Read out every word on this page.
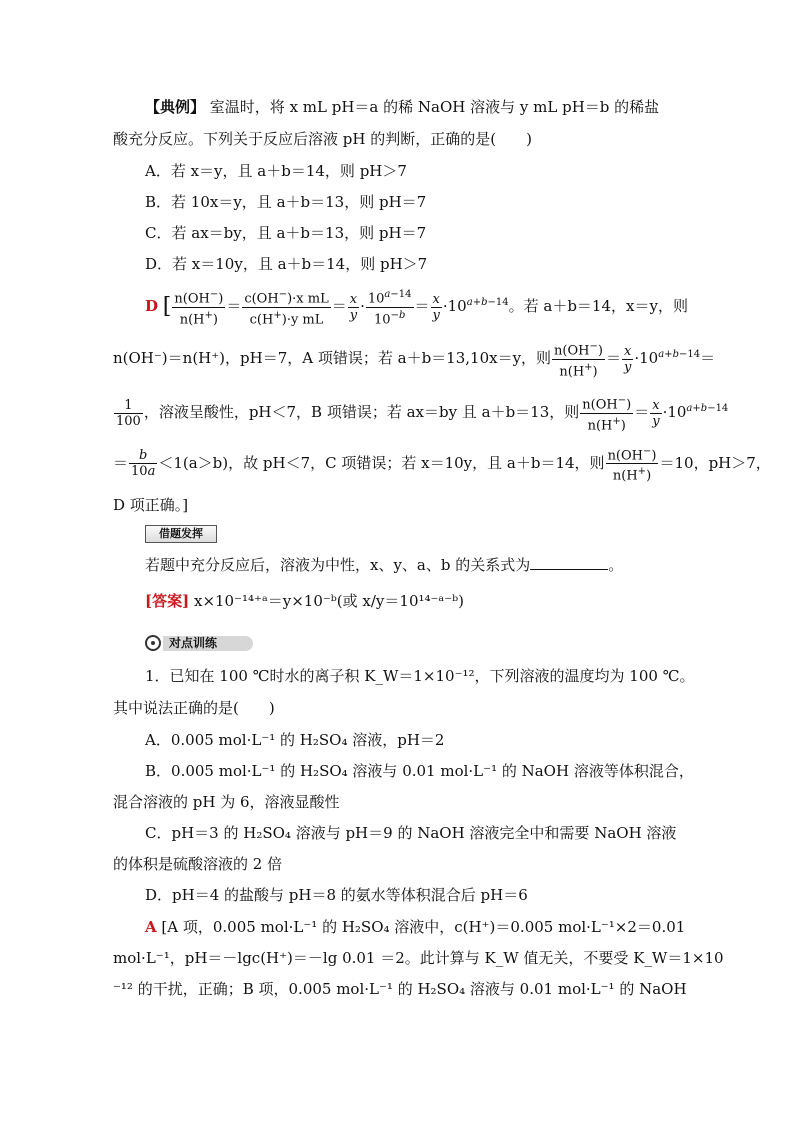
【典例】 室温时，将 x mL pH＝a 的稀 NaOH 溶液与 y mL pH＝b 的稀盐
酸充分反应。下列关于反应后溶液 pH 的判断，正确的是(　　)
A．若 x＝y，且 a＋b＝14，则 pH＞7
B．若 10x＝y，且 a＋b＝13，则 pH＝7
C．若 ax＝by，且 a＋b＝13，则 pH＝7
D．若 x＝10y，且 a＋b＝14，则 pH＞7
D [ $\frac{n(OH^-)}{n(H^+)} = \frac{c(OH^-)\cdot x mL}{c(H^+)\cdot y mL} = \frac{x}{y} \cdot \frac{10^{a-14}}{10^{-b}} = \frac{x}{y} \cdot 10^{a+b-14}$。若 a＋b＝14，x＝y，则
n(OH⁻)＝n(H⁺)，pH＝7，A 项错误；若 a＋b＝13,10x＝y，则 $\frac{n(OH^-)}{n(H^+)} = \frac{x}{y} \cdot 10^{a+b-14}=$
$\frac{1}{100}$ ，溶液呈酸性，pH＜7，B 项错误；若 ax＝by 且 a＋b＝13，则 $\frac{n(OH^-)}{n(H^+)} = \frac{x}{y} \cdot 10^{a+b-14}$
＝ $\frac{b}{10a} <1(a>b)$，故 pH＜7，C 项错误；若 x＝10y，且 a＋b＝14，则 $\frac{n(OH^-)}{n(H^+)} =10$，pH＞7，
D 项正确。]
借题发挥
若题中充分反应后，溶液为中性，x、y、a、b 的关系式为	。
[答案] x×10⁻¹⁴⁺ᵃ＝y×10⁻ᵇ(或 x/y＝10¹⁴⁻ᵃ⁻ᵇ)
对点训练
1．已知在 100 ℃时水的离子积 K_W＝1×10⁻¹²，下列溶液的温度均为 100 ℃。
其中说法正确的是(　　)
A．0.005 mol·L⁻¹ 的 H₂SO₄ 溶液，pH＝2
B．0.005 mol·L⁻¹ 的 H₂SO₄ 溶液与 0.01 mol·L⁻¹ 的 NaOH 溶液等体积混合，
混合溶液的 pH 为 6，溶液显酸性
C．pH＝3 的 H₂SO₄ 溶液与 pH＝9 的 NaOH 溶液完全中和需要 NaOH 溶液
的体积是硫酸溶液的 2 倍
D．pH＝4 的盐酸与 pH＝8 的氨水等体积混合后 pH＝6
A [A 项，0.005 mol·L⁻¹ 的 H₂SO₄ 溶液中，c(H⁺)＝0.005 mol·L⁻¹×2＝0.01
mol·L⁻¹，pH＝－lgc(H⁺)＝－lg 0.01 ＝2。此计算与 K_W 值无关，不要受 K_W＝1×10
⁻¹² 的干扰，正确；B 项，0.005 mol·L⁻¹ 的 H₂SO₄ 溶液与 0.01 mol·L⁻¹ 的 NaOH
